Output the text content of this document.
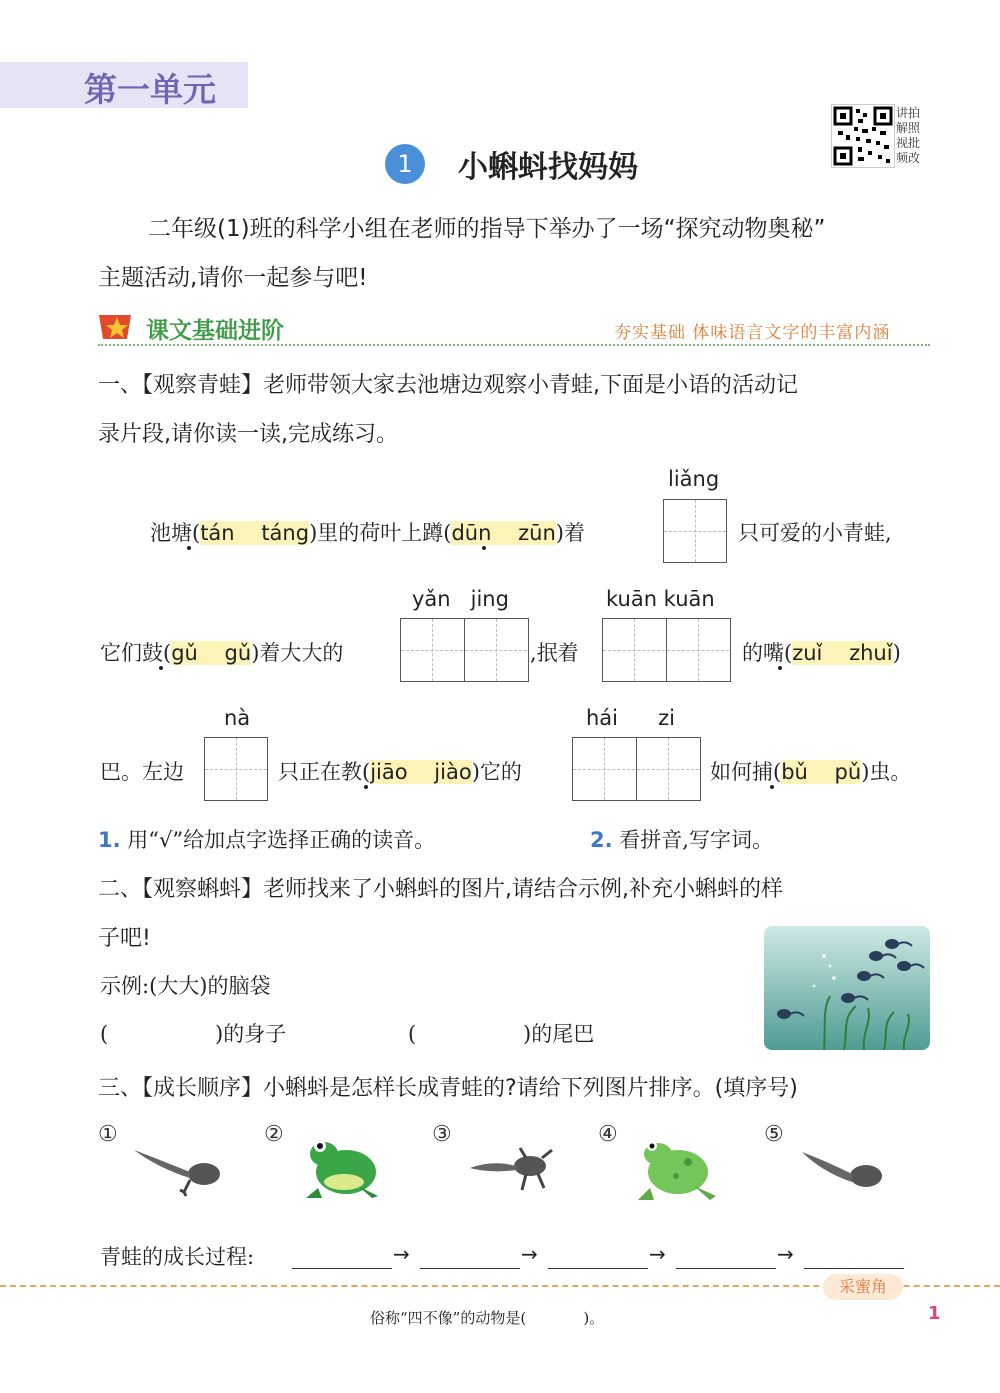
第一单元
讲拍 解照 视批 频改
1	小蝌蚪找妈妈
二年级(1)班的科学小组在老师的指导下举办了一场“探究动物奥秘”
主题活动,请你一起参与吧!
课文基础进阶	夯实基础 体味语言文字的丰富内涵
一、【观察青蛙】老师带领大家去池塘边观察小青蛙,下面是小语的活动记
录片段,请你读一读,完成练习。
池塘(tán táng)里的荷叶上蹲(dūn zūn)着
liǎng
只可爱的小青蛙,
它们鼓(gǔ gǔ)着大大的
yǎn   jing
,抿着
kuān kuān
的嘴(zuǐ zhuǐ)
巴。左边
nà
只正在教(jiāo jiào)它的
hái      zi
如何捕(bǔ pǔ)虫。
1. 用“√”给加点字选择正确的读音。	2. 看拼音,写字词。
二、【观察蝌蚪】老师找来了小蝌蚪的图片,请结合示例,补充小蝌蚪的样
子吧!
示例:(大大)的脑袋
(                )的身子	(                )的尾巴
三、【成长顺序】小蝌蚪是怎样长成青蛙的?请给下列图片排序。(填序号)
①	②	③	④	⑤
青蛙的成长过程:	→	→	→	→
采蜜角
俗称“四不像”的动物是(            )。	1
